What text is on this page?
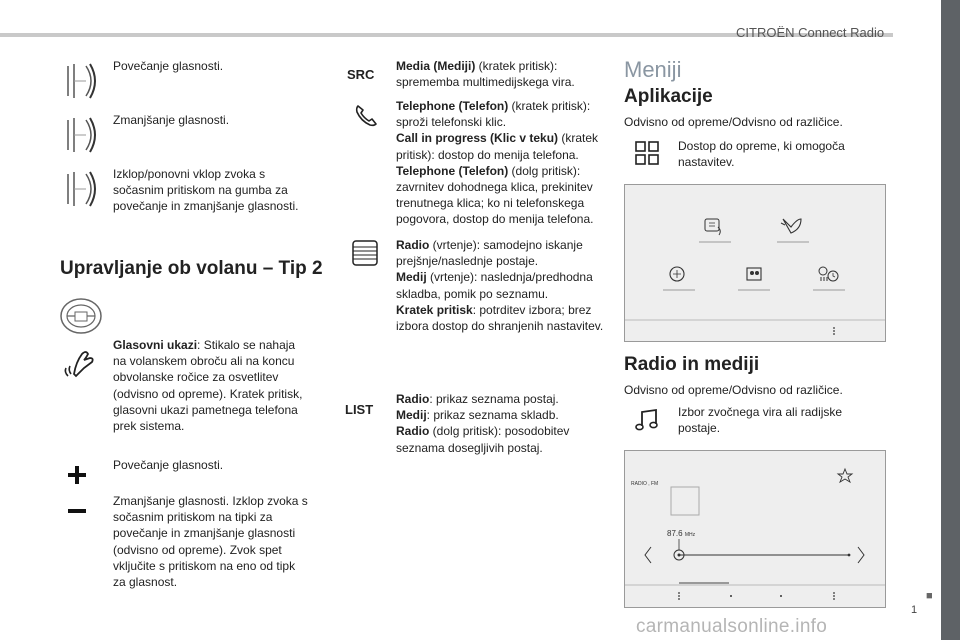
CITROËN Connect Radio
1
■
carmanualsonline.info
Povečanje glasnosti.
Zmanjšanje glasnosti.
Izklop/ponovni vklop zvoka s sočasnim pritiskom na gumba za povečanje in zmanjšanje glasnosti.
Upravljanje ob volanu – Tip 2
Glasovni ukazi: Stikalo se nahaja na volanskem obroču ali na koncu obvolanske ročice za osvetlitev (odvisno od opreme). Kratek pritisk, glasovni ukazi pametnega telefona prek sistema.
Povečanje glasnosti.
Zmanjšanje glasnosti. Izklop zvoka s sočasnim pritiskom na tipki za povečanje in zmanjšanje glasnosti (odvisno od opreme). Zvok spet vključite s pritiskom na eno od tipk za glasnost.
SRC
Media (Mediji) (kratek pritisk): sprememba multimedijskega vira.
Telephone (Telefon) (kratek pritisk): sproži telefonski klic.
Call in progress (Klic v teku) (kratek pritisk): dostop do menija telefona.
Telephone (Telefon) (dolg pritisk): zavrnitev dohodnega klica, prekinitev trenutnega klica; ko ni telefonskega pogovora, dostop do menija telefona.
Radio (vrtenje): samodejno iskanje prejšnje/naslednje postaje.
Medij (vrtenje): naslednja/predhodna skladba, pomik po seznamu.
Kratek pritisk: potrditev izbora; brez izbora dostop do shranjenih nastavitev.
LIST
Radio: prikaz seznama postaj.
Medij: prikaz seznama skladb.
Radio (dolg pritisk): posodobitev seznama dosegljivih postaj.
Meniji
Aplikacije
Odvisno od opreme/Odvisno od različice.
Dostop do opreme, ki omogoča nastavitev.
Radio in mediji
Odvisno od opreme/Odvisno od različice.
Izbor zvočnega vira ali radijske postaje.
RADIO , FM
87.6 MHz
